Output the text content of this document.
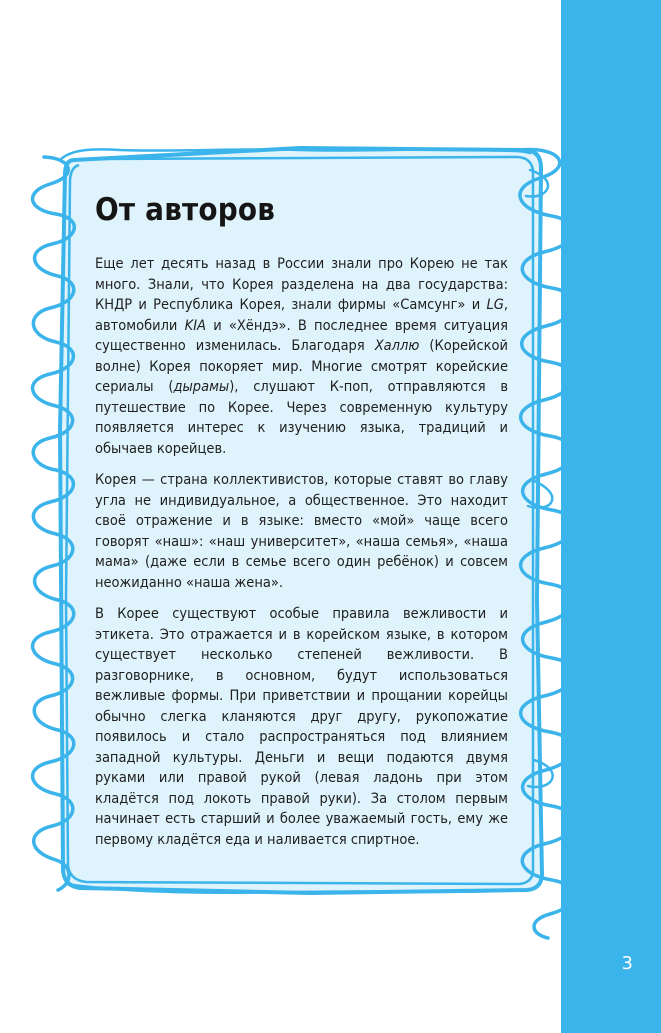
3
От авторов

Еще лет десять назад в России знали про Корею не так много. Знали, что Корея разделена на два государства: КНДР и Республика Корея, знали фирмы «Самсунг» и LG, автомобили KIA и «Хёндэ». В последнее время ситуация существенно изменилась. Благодаря Халлю (Корейской волне) Корея покоряет мир. Многие смотрят корейские сериалы (дырамы), слушают К-поп, отправляются в путешествие по Корее. Через современную культуру появляется интерес к изучению языка, традиций и обычаев корейцев.

Корея — страна коллективистов, которые ставят во главу угла не индивидуальное, а общественное. Это находит своё отражение и в языке: вместо «мой» чаще всего говорят «наш»: «наш университет», «наша семья», «наша мама» (даже если в семье всего один ребёнок) и совсем неожиданно «наша жена».

В Корее существуют особые правила вежливости и этикета. Это отражается и в корейском языке, в котором существует несколько степеней вежливости. В разговорнике, в основном, будут использоваться вежливые формы. При приветствии и прощании корейцы обычно слегка кланяются друг другу, рукопожатие появилось и стало распространяться под влиянием западной культуры. Деньги и вещи подаются двумя руками или правой рукой (левая ладонь при этом кладётся под локоть правой руки). За столом первым начинает есть старший и более уважаемый гость, ему же первому кладётся еда и наливается спиртное.
